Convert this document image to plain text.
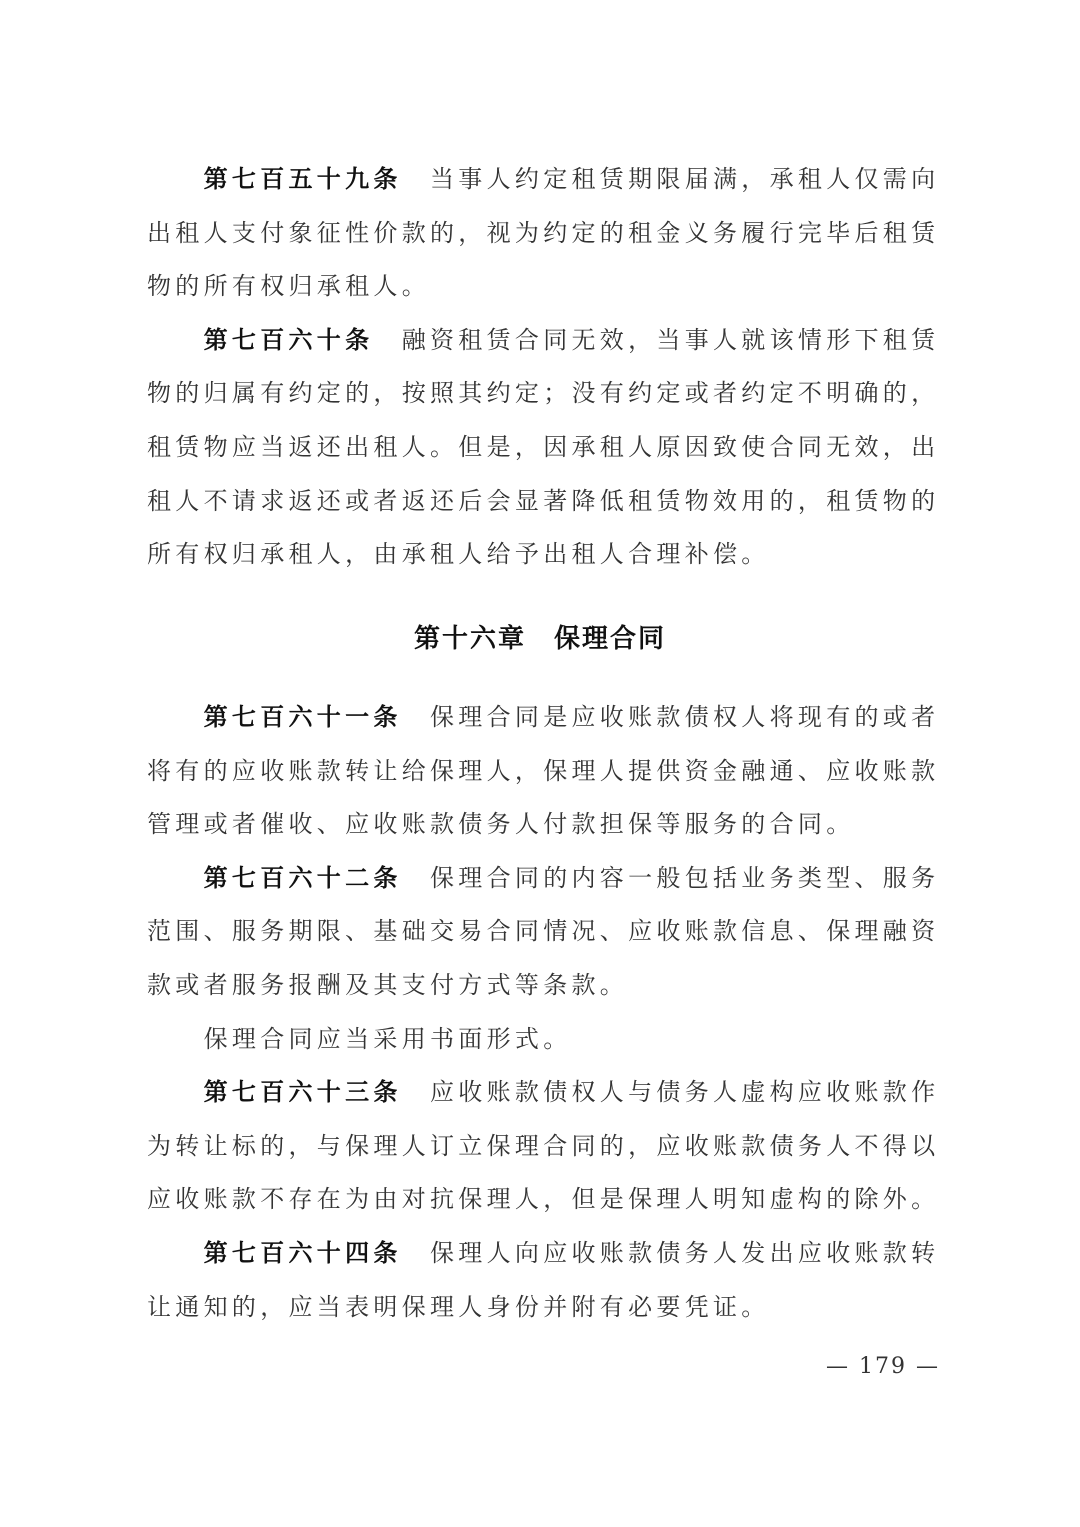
第七百五十九条 当事人约定租赁期限届满，承租人仅需向出租人支付象征性价款的，视为约定的租金义务履行完毕后租赁物的所有权归承租人。

第七百六十条 融资租赁合同无效，当事人就该情形下租赁物的归属有约定的，按照其约定；没有约定或者约定不明确的，租赁物应当返还出租人。但是，因承租人原因致使合同无效，出租人不请求返还或者返还后会显著降低租赁物效用的，租赁物的所有权归承租人，由承租人给予出租人合理补偿。

第十六章 保理合同

第七百六十一条 保理合同是应收账款债权人将现有的或者将有的应收账款转让给保理人，保理人提供资金融通、应收账款管理或者催收、应收账款债务人付款担保等服务的合同。

第七百六十二条 保理合同的内容一般包括业务类型、服务范围、服务期限、基础交易合同情况、应收账款信息、保理融资款或者服务报酬及其支付方式等条款。

保理合同应当采用书面形式。

第七百六十三条 应收账款债权人与债务人虚构应收账款作为转让标的，与保理人订立保理合同的，应收账款债务人不得以应收账款不存在为由对抗保理人，但是保理人明知虚构的除外。

第七百六十四条 保理人向应收账款债务人发出应收账款转让通知的，应当表明保理人身份并附有必要凭证。

— 179 —
